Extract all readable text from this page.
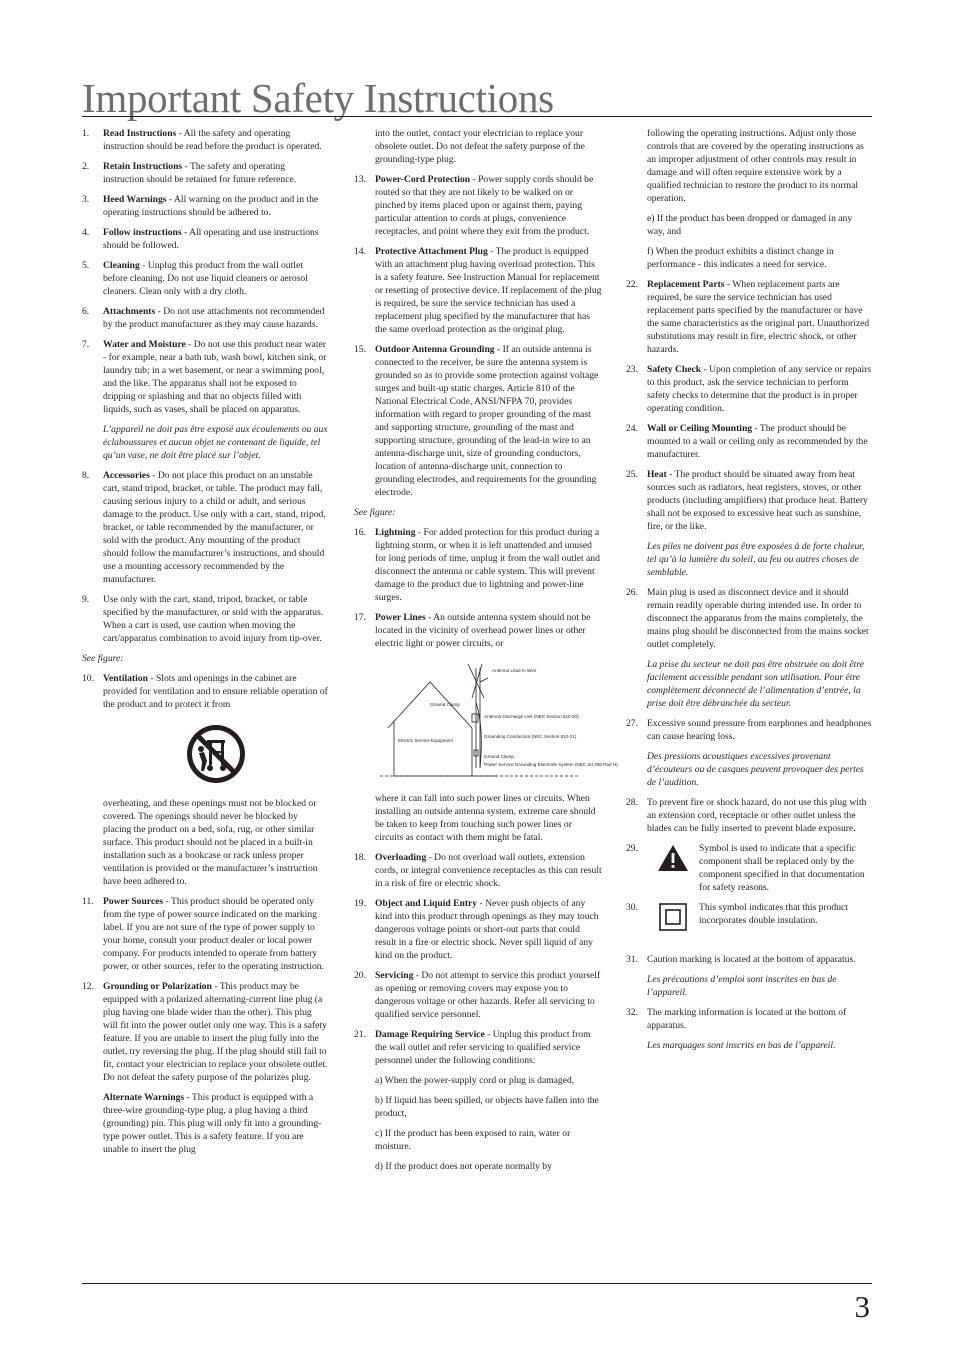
Important Safety Instructions
1. Read Instructions - All the safety and operating instruction should be read before the product is operated.

2. Retain Instructions - The safety and operating instruction should be retained for future reference.

3. Heed Warnings - All warning on the product and in the operating instructions should be adhered to.

4. Follow instructions - All operating and use instructions should be followed.

5. Cleaning - Unplug this product from the wall outlet before cleaning. Do not use liquid cleaners or aerosol cleaners. Clean only with a dry cloth.

6. Attachments - Do not use attachments not recommended by the product manufacturer as they may cause hazards.

7. Water and Moisture - Do not use this product near water - for example, near a bath tub, wash bowl, kitchen sink, or laundry tub; in a wet basement, or near a swimming pool, and the like. The apparatus shall not be exposed to dripping or splashing and that no objects filled with liquids, such as vases, shall be placed on apparatus.

L’appareil ne doit pas être exposé aux écoulements ou aux éclaboussures et aucun objet ne contenant de liquide, tel qu’un vase, ne doit être placé sur l’objet.

8. Accessories - Do not place this product on an unstable cart, stand tripod, bracket, or table. The product may fall, causing serious injury to a child or adult, and serious damage to the product. Use only with a cart, stand, tripod, bracket, or table recommended by the manufacturer, or sold with the product. Any mounting of the product should follow the manufacturer’s instructions, and should use a mounting accessory recommended by the manufacturer.

9. Use only with the cart, stand, tripod, bracket, or table specified by the manufacturer, or sold with the apparatus. When a cart is used, use caution when moving the cart/apparatus combination to avoid injury from tip-over.

See figure:

10. Ventilation - Slots and openings in the cabinet are provided for ventilation and to ensure reliable operation of the product and to protect it from

overheating, and these openings must not be blocked or covered. The openings should never be blocked by placing the product on a bed, sofa, rug, or other similar surface. This product should not be placed in a built-in installation such as a bookcase or rack unless proper ventilation is provided or the manufacturer’s instruction have been adhered to.

11. Power Sources - This product should be operated only from the type of power source indicated on the marking label. If you are not sure of the type of power supply to your home, consult your product dealer or local power company. For products intended to operate from battery power, or other sources, refer to the operating instruction.

12. Grounding or Polarization - This product may be equipped with a polarized alternating-current line plug (a plug having one blade wider than the other). This plug will fit into the power outlet only one way. This is a safety feature. If you are unable to insert the plug fully into the outlet, try reversing the plug. If the plug should still fail to fit, contact your electrician to replace your obsolete outlet. Do not defeat the safety purpose of the polarizes plug.

Alternate Warnings - This product is equipped with a three-wire grounding-type plug, a plug having a third (grounding) pin. This plug will only fit into a grounding-type power outlet. This is a safety feature. If you are unable to insert the plug

into the outlet, contact your electrician to replace your obsolete outlet. Do not defeat the safety purpose of the grounding-type plug.

13. Power-Cord Protection - Power supply cords should be routed so that they are not likely to be walked on or pinched by items placed upon or against them, paying particular attention to cords at plugs, convenience receptacles, and point where they exit from the product.

14. Protective Attachment Plug - The product is equipped with an attachment plug having overload protection. This is a safety feature. See Instruction Manual for replacement or resetting of protective device. If replacement of the plug is required, be sure the service technician has used a replacement plug specified by the manufacturer that has the same overload protection as the original plug.

15. Outdoor Antenna Grounding - If an outside antenna is connected to the receiver, be sure the antenna system is grounded so as to provide some protection against voltage surges and built-up static charges. Article 810 of the National Electrical Code, ANSI/NFPA 70, provides information with regard to proper grounding of the mast and supporting structure, grounding of the mast and supporting structure, grounding of the lead-in wire to an antenna-discharge unit, size of grounding conductors, location of antenna-discharge unit, connection to grounding electrodes, and requirements for the grounding electrode.

See figure:

16. Lightning - For added protection for this product during a lightning storm, or when it is left unattended and unused for long periods of time, unplug it from the wall outlet and disconnect the antenna or cable system. This will prevent damage to the product due to lightning and power-line surges.

17. Power Lines - An outside antenna system should not be located in the vicinity of overhead power lines or other electric light or power circuits, or

Antenna Lead In Wire
Ground Clamp
Antenna Discharge Unit (NEC Section 810-20)
Grounding Conductors (NEC Section 810-21)
Electric Service Equipment
Ground Clamp
Power Service Grounding Electrode System (NEC Art 250 Part H)

where it can fall into such power lines or circuits. When installing an outside antenna system, extreme care should be taken to keep from touching such power lines or circuits as contact with them might be fatal.

18. Overloading - Do not overload wall outlets, extension cords, or integral convenience receptacles as this can result in a risk of fire or electric shock.

19. Object and Liquid Entry - Never push objects of any kind into this product through openings as they may touch dangerous voltage points or short-out parts that could result in a fire or electric shock. Never spill liquid of any kind on the product.

20. Servicing - Do not attempt to service this product yourself as opening or removing covers may expose you to dangerous voltage or other hazards. Refer all servicing to qualified service personnel.

21. Damage Requiring Service - Unplug this product from the wall outlet and refer servicing to qualified service personnel under the following conditions:

a) When the power-supply cord or plug is damaged,

b) If liquid has been spilled, or objects have fallen into the product,

c) If the product has been exposed to rain, water or moisture.

d) If the product does not operate normally by

following the operating instructions. Adjust only those controls that are covered by the operating instructions as an improper adjustment of other controls may result in damage and will often require extensive work by a qualified technician to restore the product to its normal operation.

e) If the product has been dropped or damaged in any way, and

f) When the product exhibits a distinct change in performance - this indicates a need for service.

22. Replacement Parts - When replacement parts are required, be sure the service technician has used replacement parts specified by the manufacturer or have the same characteristics as the original part. Unauthorized substitutions may result in fire, electric shock, or other hazards.

23. Safety Check - Upon completion of any service or repairs to this product, ask the service technician to perform safety checks to determine that the product is in proper operating condition.

24. Wall or Ceiling Mounting - The product should be mounted to a wall or ceiling only as recommended by the manufacturer.

25. Heat - The product should be situated away from heat sources such as radiators, heat registers, stoves, or other products (including amplifiers) that produce heat. Battery shall not be exposed to excessive heat such as sunshine, fire, or the like.

Les piles ne doivent pas être exposées à de forte chaleur, tel qu’à la lumière du soleil, au feu ou autres choses de semblable.

26. Main plug is used as disconnect device and it should remain readily operable during intended use. In order to disconnect the apparatus from the mains completely, the mains plug should be disconnected from the mains socket outlet completely.

La prise du secteur ne doit pas être obstruée ou doit être facilement accessible pendant son utilisation. Pour être complètement déconnecté de l’alimentation d’entrée, la prise doit être débranchée du secteur.

27. Excessive sound pressure from earphones and headphones can cause hearing loss.

Des pressions acoustiques excessives provenant d’écouteurs ou de casques peuvent provoquer des pertes de l’audition.

28. To prevent fire or shock hazard, do not use this plug with an extension cord, receptacle or other outlet unless the blades can be fully inserted to prevent blade exposure.

29.	Symbol is used to indicate that a specific component shall be replaced only by the component specified in that documentation for safety reasons.

30.	This symbol indicates that this product incorporates double insulation.

31. Caution marking is located at the bottom of apparatus.

Les précautions d’emploi sont inscrites en bas de l’appareil.

32. The marking information is located at the bottom of apparatus.

Les marquages sont inscrits en bas de l’appareil.

3
